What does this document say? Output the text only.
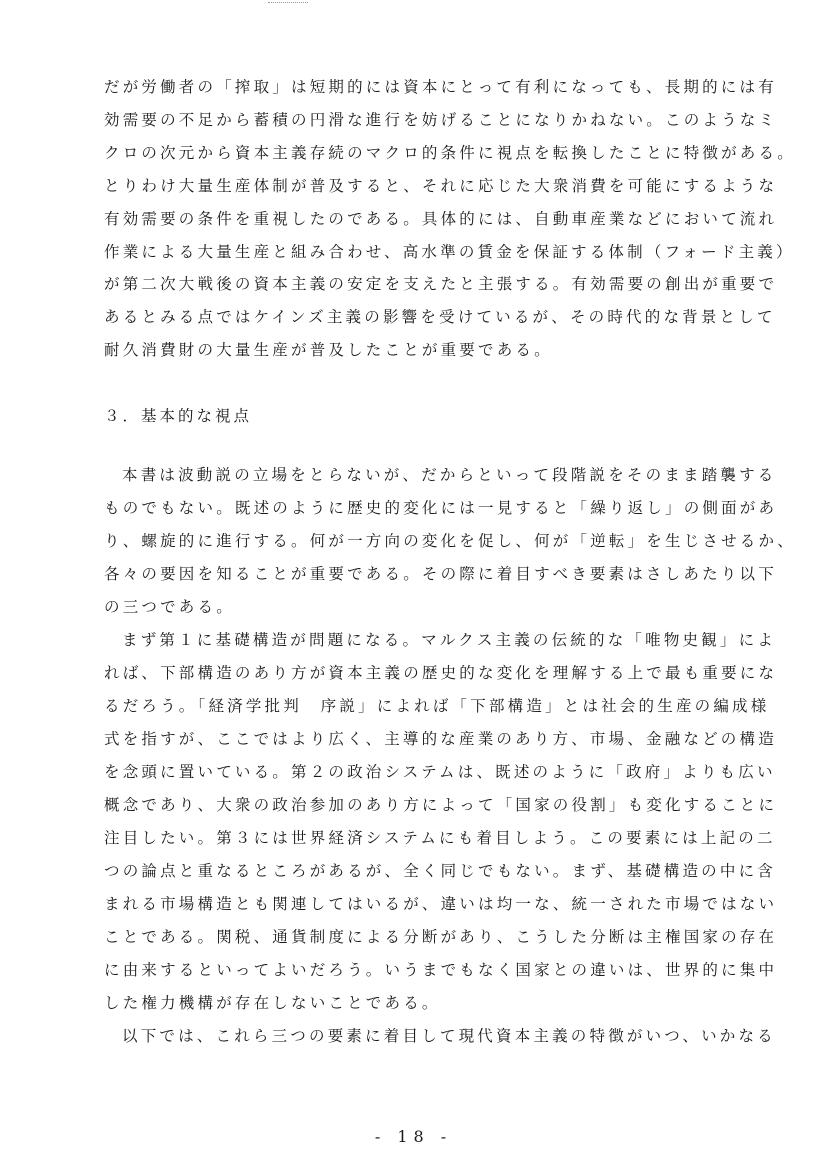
だが労働者の「搾取」は短期的には資本にとって有利になっても、長期的には有
効需要の不足から蓄積の円滑な進行を妨げることになりかねない。このようなミ
クロの次元から資本主義存続のマクロ的条件に視点を転換したことに特徴がある。
とりわけ大量生産体制が普及すると、それに応じた大衆消費を可能にするような
有効需要の条件を重視したのである。具体的には、自動車産業などにおいて流れ
作業による大量生産と組み合わせ、高水準の賃金を保証する体制（フォード主義）
が第二次大戦後の資本主義の安定を支えたと主張する。有効需要の創出が重要で
あるとみる点ではケインズ主義の影響を受けているが、その時代的な背景として
耐久消費財の大量生産が普及したことが重要である。
３．基本的な視点
本書は波動説の立場をとらないが、だからといって段階説をそのまま踏襲する
ものでもない。既述のように歴史的変化には一見すると「繰り返し」の側面があ
り、螺旋的に進行する。何が一方向の変化を促し、何が「逆転」を生じさせるか、
各々の要因を知ることが重要である。その際に着目すべき要素はさしあたり以下
の三つである。
まず第１に基礎構造が問題になる。マルクス主義の伝統的な「唯物史観」によ
れば、下部構造のあり方が資本主義の歴史的な変化を理解する上で最も重要にな
るだろう。「経済学批判　序説」によれば「下部構造」とは社会的生産の編成様
式を指すが、ここではより広く、主導的な産業のあり方、市場、金融などの構造
を念頭に置いている。第２の政治システムは、既述のように「政府」よりも広い
概念であり、大衆の政治参加のあり方によって「国家の役割」も変化することに
注目したい。第３には世界経済システムにも着目しよう。この要素には上記の二
つの論点と重なるところがあるが、全く同じでもない。まず、基礎構造の中に含
まれる市場構造とも関連してはいるが、違いは均一な、統一された市場ではない
ことである。関税、通貨制度による分断があり、こうした分断は主権国家の存在
に由来するといってよいだろう。いうまでもなく国家との違いは、世界的に集中
した権力機構が存在しないことである。
以下では、これら三つの要素に着目して現代資本主義の特徴がいつ、いかなる
- 18 -
